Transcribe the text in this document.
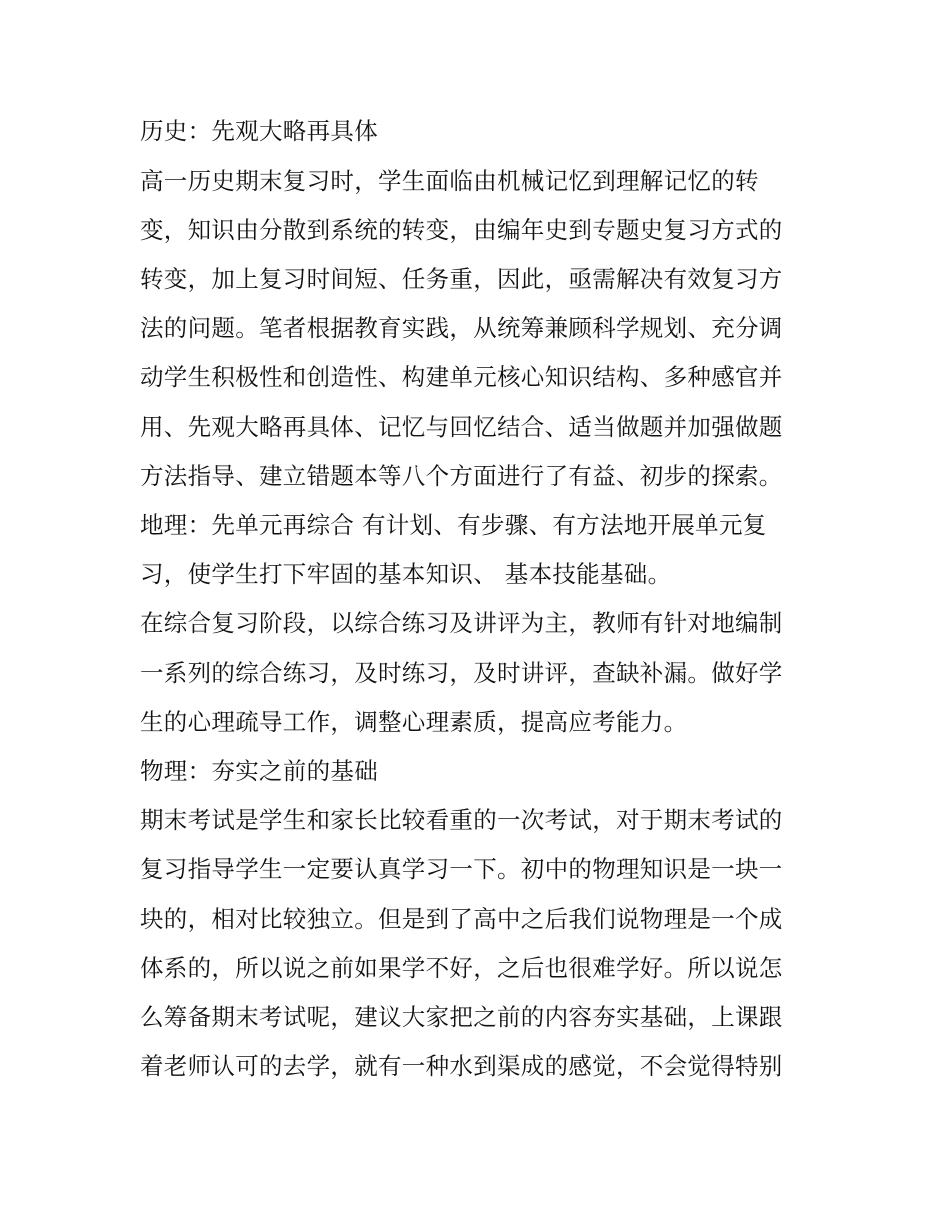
历史：先观大略再具体

高一历史期末复习时，学生面临由机械记忆到理解记忆的转

变，知识由分散到系统的转变，由编年史到专题史复习方式的

转变，加上复习时间短、任务重，因此，亟需解决有效复习方

法的问题。笔者根据教育实践，从统筹兼顾科学规划、充分调

动学生积极性和创造性、构建单元核心知识结构、多种感官并

用、先观大略再具体、记忆与回忆结合、适当做题并加强做题

方法指导、建立错题本等八个方面进行了有益、初步的探索。

地理：先单元再综合 有计划、有步骤、有方法地开展单元复

习，使学生打下牢固的基本知识、 基本技能基础。

在综合复习阶段，以综合练习及讲评为主，教师有针对地编制

一系列的综合练习，及时练习，及时讲评，查缺补漏。做好学

生的心理疏导工作，调整心理素质，提高应考能力。

物理：夯实之前的基础

期末考试是学生和家长比较看重的一次考试，对于期末考试的

复习指导学生一定要认真学习一下。初中的物理知识是一块一

块的，相对比较独立。但是到了高中之后我们说物理是一个成

体系的，所以说之前如果学不好，之后也很难学好。所以说怎

么筹备期末考试呢，建议大家把之前的内容夯实基础，上课跟

着老师认可的去学，就有一种水到渠成的感觉，不会觉得特别
